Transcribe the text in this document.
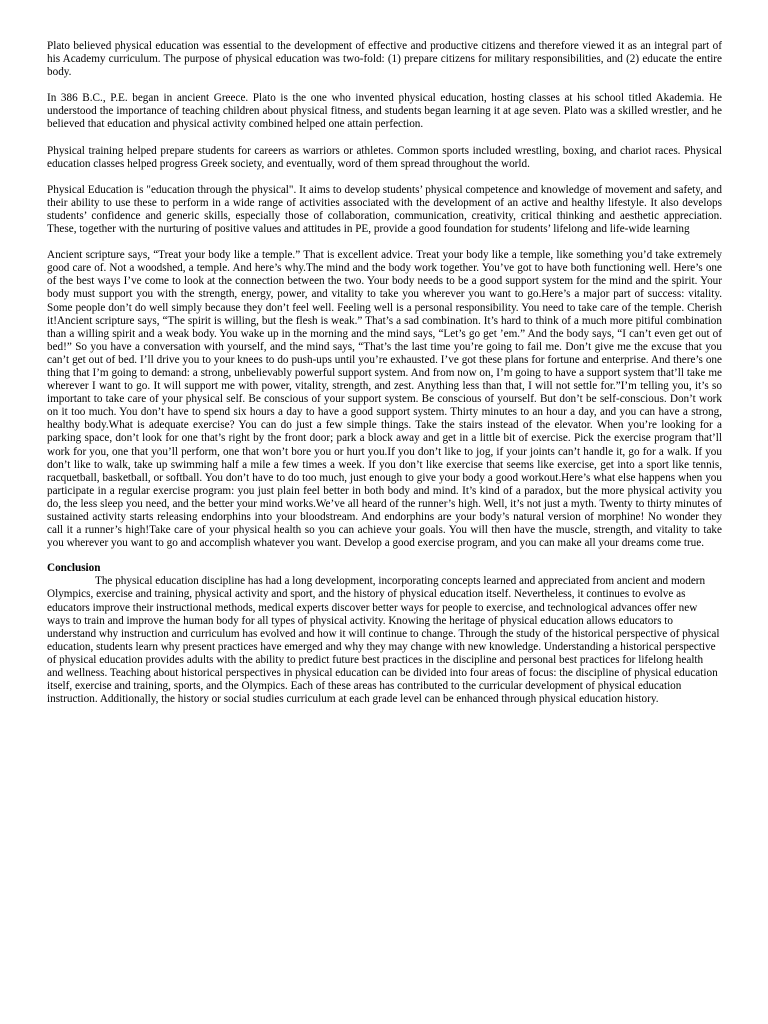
Plato believed physical education was essential to the development of effective and productive citizens and therefore viewed it as an integral part of his Academy curriculum. The purpose of physical education was two-fold: (1) prepare citizens for military responsibilities, and (2) educate the entire body.

In 386 B.C., P.E. began in ancient Greece. Plato is the one who invented physical education, hosting classes at his school titled Akademia. He understood the importance of teaching children about physical fitness, and students began learning it at age seven. Plato was a skilled wrestler, and he believed that education and physical activity combined helped one attain perfection.

Physical training helped prepare students for careers as warriors or athletes. Common sports included wrestling, boxing, and chariot races. Physical education classes helped progress Greek society, and eventually, word of them spread throughout the world.

Physical Education is "education through the physical". It aims to develop students’ physical competence and knowledge of movement and safety, and their ability to use these to perform in a wide range of activities associated with the development of an active and healthy lifestyle. It also develops students’ confidence and generic skills, especially those of collaboration, communication, creativity, critical thinking and aesthetic appreciation. These, together with the nurturing of positive values and attitudes in PE, provide a good foundation for students’ lifelong and life-wide learning

Ancient scripture says, “Treat your body like a temple.” That is excellent advice. Treat your body like a temple, like something you’d take extremely good care of. Not a woodshed, a temple. And here’s why.The mind and the body work together. You’ve got to have both functioning well. Here’s one of the best ways I’ve come to look at the connection between the two. Your body needs to be a good support system for the mind and the spirit. Your body must support you with the strength, energy, power, and vitality to take you wherever you want to go.Here’s a major part of success: vitality. Some people don’t do well simply because they don’t feel well. Feeling well is a personal responsibility. You need to take care of the temple. Cherish it!Ancient scripture says, “The spirit is willing, but the flesh is weak.” That’s a sad combination. It’s hard to think of a much more pitiful combination than a willing spirit and a weak body. You wake up in the morning and the mind says, “Let’s go get ’em.” And the body says, “I can’t even get out of bed!” So you have a conversation with yourself, and the mind says, “That’s the last time you’re going to fail me. Don’t give me the excuse that you can’t get out of bed. I’ll drive you to your knees to do push-ups until you’re exhausted. I’ve got these plans for fortune and enterprise. And there’s one thing that I’m going to demand: a strong, unbelievably powerful support system. And from now on, I’m going to have a support system that’ll take me wherever I want to go. It will support me with power, vitality, strength, and zest. Anything less than that, I will not settle for.”I’m telling you, it’s so important to take care of your physical self. Be conscious of your support system. Be conscious of yourself. But don’t be self-conscious. Don’t work on it too much. You don’t have to spend six hours a day to have a good support system. Thirty minutes to an hour a day, and you can have a strong, healthy body.What is adequate exercise? You can do just a few simple things. Take the stairs instead of the elevator. When you’re looking for a parking space, don’t look for one that’s right by the front door; park a block away and get in a little bit of exercise. Pick the exercise program that’ll work for you, one that you’ll perform, one that won’t bore you or hurt you.If you don’t like to jog, if your joints can’t handle it, go for a walk. If you don’t like to walk, take up swimming half a mile a few times a week. If you don’t like exercise that seems like exercise, get into a sport like tennis, racquetball, basketball, or softball. You don’t have to do too much, just enough to give your body a good workout.Here’s what else happens when you participate in a regular exercise program: you just plain feel better in both body and mind. It’s kind of a paradox, but the more physical activity you do, the less sleep you need, and the better your mind works.We’ve all heard of the runner’s high. Well, it’s not just a myth. Twenty to thirty minutes of sustained activity starts releasing endorphins into your bloodstream. And endorphins are your body’s natural version of morphine! No wonder they call it a runner’s high!Take care of your physical health so you can achieve your goals. You will then have the muscle, strength, and vitality to take you wherever you want to go and accomplish whatever you want. Develop a good exercise program, and you can make all your dreams come true.

Conclusion

The physical education discipline has had a long development, incorporating concepts learned and appreciated from ancient and modern Olympics, exercise and training, physical activity and sport, and the history of physical education itself. Nevertheless, it continues to evolve as educators improve their instructional methods, medical experts discover better ways for people to exercise, and technological advances offer new ways to train and improve the human body for all types of physical activity. Knowing the heritage of physical education allows educators to understand why instruction and curriculum has evolved and how it will continue to change. Through the study of the historical perspective of physical education, students learn why present practices have emerged and why they may change with new knowledge. Understanding a historical perspective of physical education provides adults with the ability to predict future best practices in the discipline and personal best practices for lifelong health and wellness. Teaching about historical perspectives in physical education can be divided into four areas of focus: the discipline of physical education itself, exercise and training, sports, and the Olympics. Each of these areas has contributed to the curricular development of physical education instruction. Additionally, the history or social studies curriculum at each grade level can be enhanced through physical education history.
